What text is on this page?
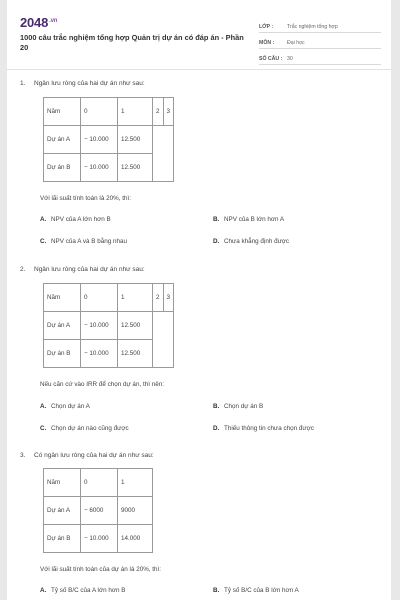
$2048^{.vn}$
1000 câu trắc nghiệm tổng hợp Quản trị dự án có đáp án - Phần 20
LỚP :	Trắc nghiệm tổng hợp
MÔN :	Đại học
SỐ CÂU : 30
1. Ngân lưu ròng của hai dự án như sau:
Năm	0	1	2	3
Dự án A	− 10.000	12.500		
Dự án B	− 10.000	12.500		
Với lãi suất tính toán là 20%, thì:
A. NPV của A lớn hơn B	B. NPV của B lớn hơn A
C. NPV của A và B bằng nhau	D. Chưa khẳng định được
2. Ngân lưu ròng của hai dự án như sau:
Năm	0	1	2	3
Dự án A	− 10.000	12.500		
Dự án B	− 10.000	12.500		
Nếu căn cứ vào IRR để chọn dự án, thì nên:
A. Chọn dự án A	B. Chọn dự án B
C. Chọn dự án nào cũng được	D. Thiếu thông tin chưa chọn được
3. Có ngân lưu ròng của hai dự án như sau:
Năm	0	1
Dự án A	− 6000	9000
Dự án B	− 10.000	14.000
Với lãi suất tính toán của dự án là 20%, thì:
A. Tỷ số B/C của A lớn hơn B	B. Tỷ số B/C của B lớn hơn A
